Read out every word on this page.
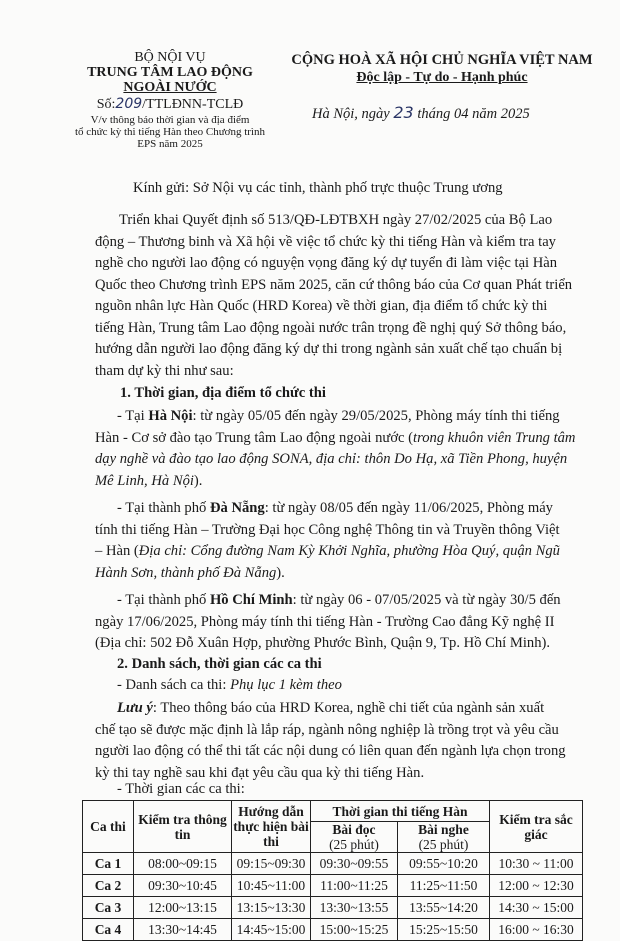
BỘ NỘI VỤ
TRUNG TÂM LAO ĐỘNG
NGOÀI NƯỚC
Số:209/TTLĐNN-TCLĐ
V/v thông báo thời gian và địa điểm
tổ chức kỳ thi tiếng Hàn theo Chương trình
EPS năm 2025
CỘNG HOÀ XÃ HỘI CHỦ NGHĨA VIỆT NAM
Độc lập - Tự do - Hạnh phúc
Hà Nội, ngày 23 tháng 04 năm 2025
Kính gửi: Sở Nội vụ các tỉnh, thành phố trực thuộc Trung ương
Triển khai Quyết định số 513/QĐ-LĐTBXH ngày 27/02/2025 của Bộ Lao
động – Thương binh và Xã hội về việc tổ chức kỳ thi tiếng Hàn và kiểm tra tay
nghề cho người lao động có nguyện vọng đăng ký dự tuyển đi làm việc tại Hàn
Quốc theo Chương trình EPS năm 2025, căn cứ thông báo của Cơ quan Phát triển
nguồn nhân lực Hàn Quốc (HRD Korea) về thời gian, địa điểm tổ chức kỳ thi
tiếng Hàn, Trung tâm Lao động ngoài nước trân trọng đề nghị quý Sở thông báo,
hướng dẫn người lao động đăng ký dự thi trong ngành sản xuất chế tạo chuẩn bị
tham dự kỳ thi như sau:
1. Thời gian, địa điểm tổ chức thi
- Tại Hà Nội: từ ngày 05/05 đến ngày 29/05/2025, Phòng máy tính thi tiếng
Hàn - Cơ sở đào tạo Trung tâm Lao động ngoài nước (trong khuôn viên Trung tâm
dạy nghề và đào tạo lao động SONA, địa chỉ: thôn Do Hạ, xã Tiền Phong, huyện
Mê Linh, Hà Nội).
- Tại thành phố Đà Nẵng: từ ngày 08/05 đến ngày 11/06/2025, Phòng máy
tính thi tiếng Hàn – Trường Đại học Công nghệ Thông tin và Truyền thông Việt
– Hàn (Địa chỉ: Cổng đường Nam Kỳ Khởi Nghĩa, phường Hòa Quý, quận Ngũ
Hành Sơn, thành phố Đà Nẵng).
- Tại thành phố Hồ Chí Minh: từ ngày 06 - 07/05/2025 và từ ngày 30/5 đến
ngày 17/06/2025, Phòng máy tính thi tiếng Hàn - Trường Cao đẳng Kỹ nghệ II
(Địa chỉ: 502 Đỗ Xuân Hợp, phường Phước Bình, Quận 9, Tp. Hồ Chí Minh).
2. Danh sách, thời gian các ca thi
- Danh sách ca thi: Phụ lục 1 kèm theo
Lưu ý: Theo thông báo của HRD Korea, nghề chi tiết của ngành sản xuất
chế tạo sẽ được mặc định là lắp ráp, ngành nông nghiệp là trồng trọt và yêu cầu
người lao động có thể thi tất các nội dung có liên quan đến ngành lựa chọn trong
kỳ thi tay nghề sau khi đạt yêu cầu qua kỳ thi tiếng Hàn.
- Thời gian các ca thi:
Ca thi	Kiểm tra thông tin	Hướng dẫn thực hiện bài thi	Thời gian thi tiếng Hàn		Kiểm tra sắc giác
			Bài đọc
(25 phút)	Bài nghe
(25 phút)	
Ca 1	08:00~09:15	09:15~09:30	09:30~09:55	09:55~10:20	10:30 ~ 11:00
Ca 2	09:30~10:45	10:45~11:00	11:00~11:25	11:25~11:50	12:00 ~ 12:30
Ca 3	12:00~13:15	13:15~13:30	13:30~13:55	13:55~14:20	14:30 ~ 15:00
Ca 4	13:30~14:45	14:45~15:00	15:00~15:25	15:25~15:50	16:00 ~ 16:30
